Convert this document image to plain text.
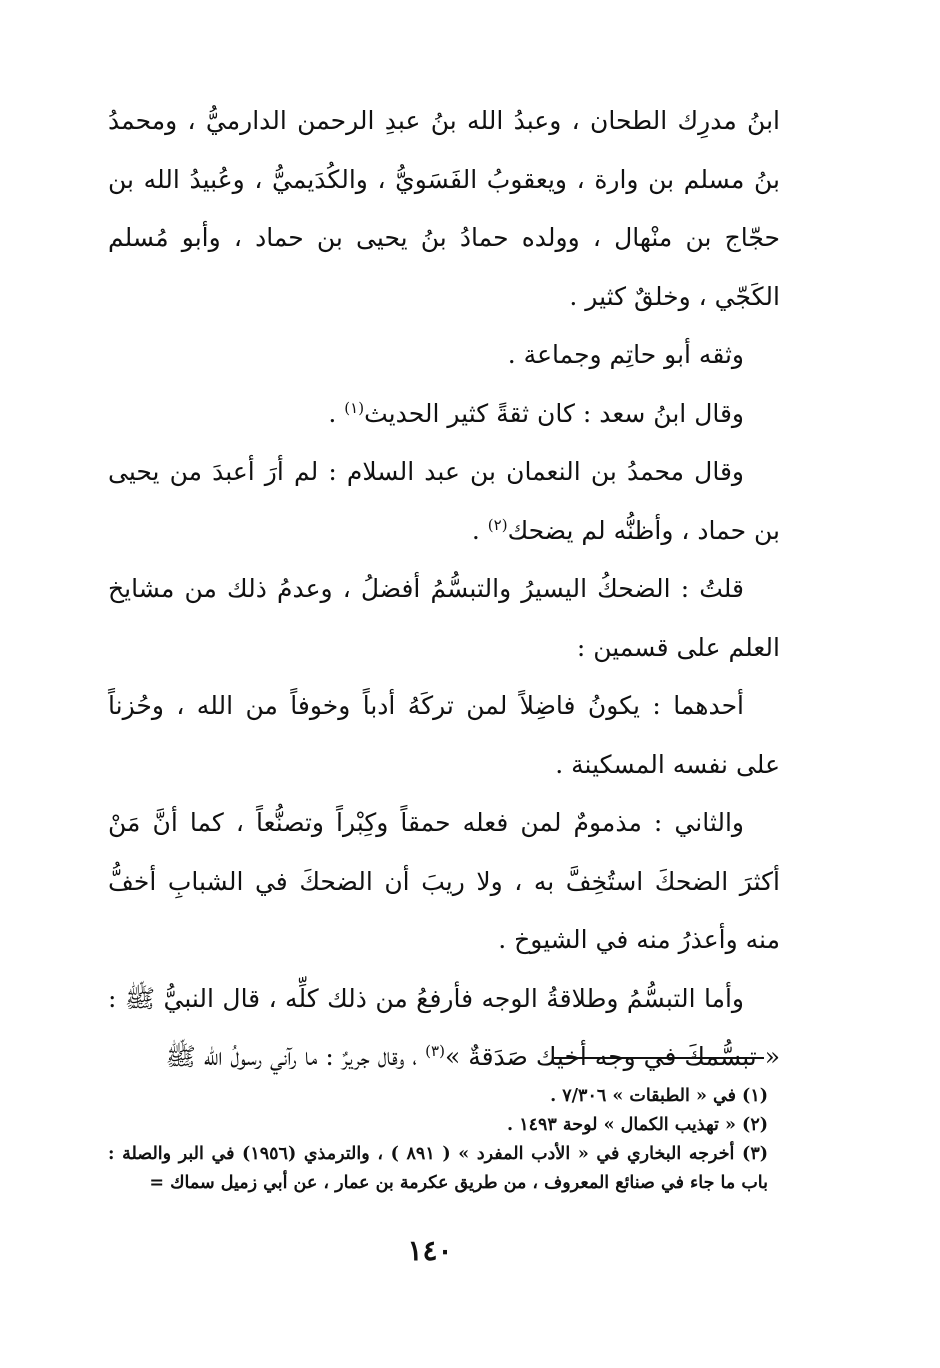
ابنُ مدرِك الطحان ، وعبدُ الله بنُ عبدِ الرحمن الدارميُّ ، ومحمدُ بنُ مسلم بن وارة ، ويعقوبُ الفَسَويُّ ، والكُدَيميُّ ، وعُبيدُ الله بن حجّاج بن منْهال ، وولده حمادُ بنُ يحيى بن حماد ، وأبو مُسلم الكَجّي ، وخلقٌ كثير .

وثقه أبو حاتِم وجماعة .

وقال ابنُ سعد : كان ثقةً كثير الحديث$^{(١)}$ .

وقال محمدُ بن النعمان بن عبد السلام : لم أرَ أعبدَ من يحيى بن حماد ، وأظنُّه لم يضحك$^{(٢)}$ .

قلتُ : الضحكُ اليسيرُ والتبسُّمُ أفضلُ ، وعدمُ ذلك من مشايخ العلم على قسمين :

أحدهما : يكونُ فاضِلاً لمن تركَهُ أدباً وخوفاً من الله ، وحُزناً على نفسه المسكينة .

والثاني : مذمومٌ لمن فعله حمقاً وكِبْراً وتصنُّعاً ، كما أنَّ مَنْ أكثرَ الضحكَ استُخِفَّ به ، ولا ريبَ أن الضحكَ في الشبابِ أخفُّ منه وأعذرُ منه في الشيوخ .

وأما التبسُّمُ وطلاقةُ الوجه فأرفعُ من ذلك كلِّه ، قال النبيُّ ﷺ : « تبسُّمكَ في وجه أخيك صَدَقةٌ »$^{(٣)}$ ، وقال جريرٌ : ما رآني رسولُ الله ﷺ

(١) في « الطبقات » ٧/٣٠٦ .

(٢) « تهذيب الكمال » لوحة ١٤٩٣ .

(٣) أخرجه البخاري في « الأدب المفرد » ( ٨٩١ ) ، والترمذي (١٩٥٦) في البر والصلة : باب ما جاء في صنائع المعروف ، من طريق عكرمة بن عمار ، عن أبي زميل سماك =

١٤٠
